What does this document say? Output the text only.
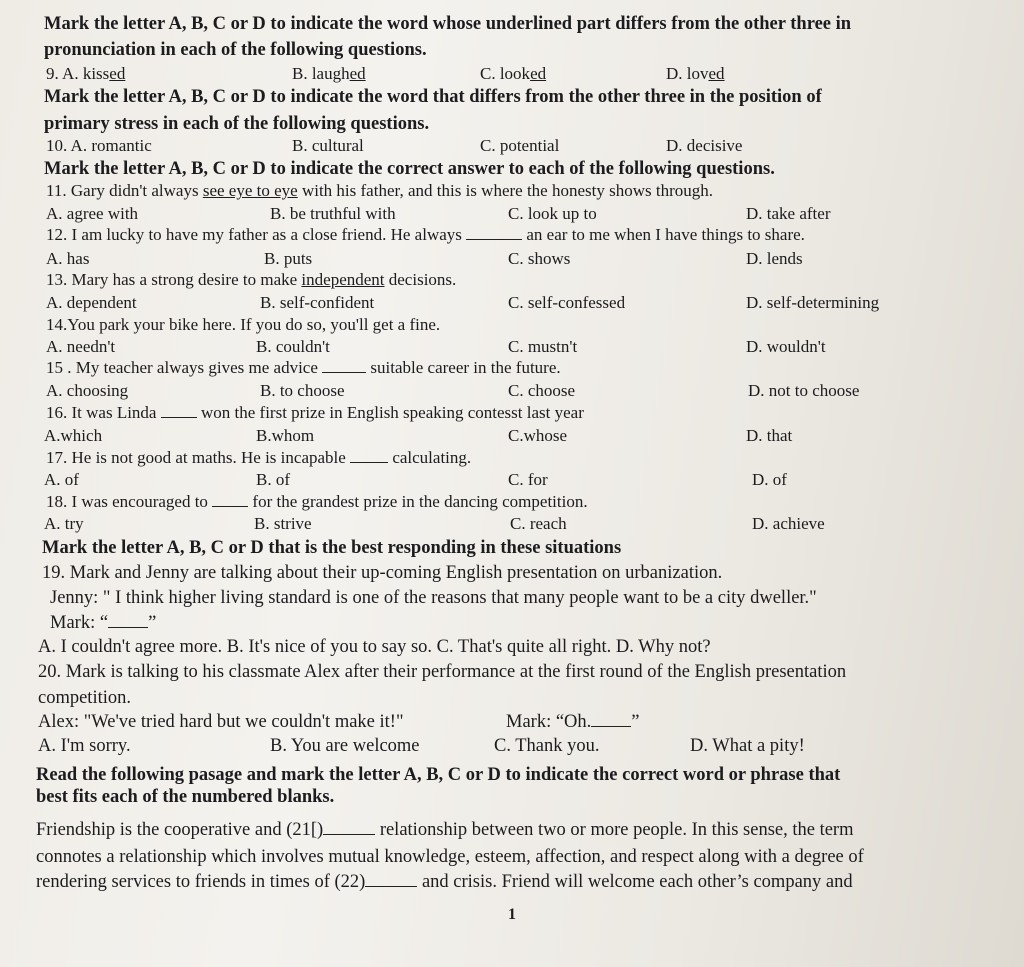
Mark the letter A, B, C or D to indicate the word whose underlined part differs from the other three in
pronunciation in each of the following questions.
9. A. kissed	B. laughed	C. looked	D. loved
Mark the letter A, B, C or D to indicate the word that differs from the other three in the position of
primary stress in each of the following questions.
10. A. romantic	B. cultural	C. potential	D. decisive
Mark the letter A, B, C or D to indicate the correct answer to each of the following questions.
11. Gary didn't always see eye to eye with his father, and this is where the honesty shows through.
A. agree with	B. be truthful with	C. look up to	D. take after
12. I am lucky to have my father as a close friend. He always	an ear to me when I have things to share.
A. has	B. puts	C. shows	D. lends
13. Mary has a strong desire to make independent decisions.
A. dependent	B. self-confident	C. self-confessed	D. self-determining
14.You park your bike here. If you do so, you'll get a fine.
A. needn't	B. couldn't	C. mustn't	D. wouldn't
15 . My teacher always gives me advice	suitable career in the future.
A. choosing	B. to choose	C. choose	D. not to choose
16. It was Linda	won the first prize in English speaking contesst last year
A.which	B.whom	C.whose	D. that
17. He is not good at maths. He is incapable	calculating.
A. of	B. of	C. for	D. of
18. I was encouraged to	for the grandest prize in the dancing competition.
A. try	B. strive	C. reach	D. achieve
Mark the letter A, B, C or D that is the best responding in these situations
19. Mark and Jenny are talking about their up-coming English presentation on urbanization.
Jenny: " I think higher living standard is one of the reasons that many people want to be a city dweller."
Mark: “ ”
A. I couldn't agree more. B. It's nice of you to say so. C. That's quite all right. D. Why not?
20. Mark is talking to his classmate Alex after their performance at the first round of the English presentation
competition.
Alex: "We've tried hard but we couldn't make it!"	Mark: “Oh. ”
A. I'm sorry.	B. You are welcome	C. Thank you.	D. What a pity!
Read the following pasage and mark the letter A, B, C or D to indicate the correct word or phrase that
best fits each of the numbered blanks.
Friendship is the cooperative and (21[)	relationship between two or more people. In this sense, the term
connotes a relationship which involves mutual knowledge, esteem, affection, and respect along with a degree of
rendering services to friends in times of (22)	and crisis. Friend will welcome each other’s company and
1
